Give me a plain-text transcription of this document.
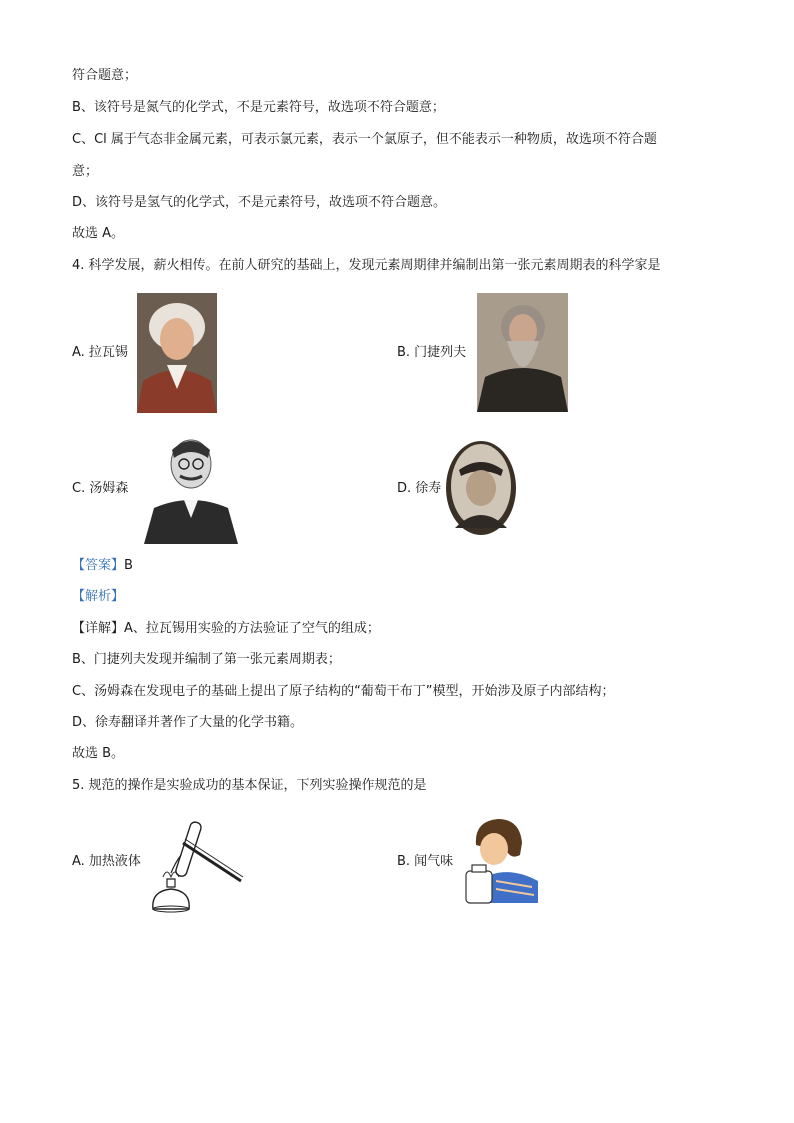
符合题意；
B、该符号是氮气的化学式，不是元素符号，故选项不符合题意；
C、Cl 属于气态非金属元素，可表示氯元素，表示一个氯原子，但不能表示一种物质，故选项不符合题
意；
D、该符号是氢气的化学式，不是元素符号，故选项不符合题意。
故选 A。
4. 科学发展，薪火相传。在前人研究的基础上，发现元素周期律并编制出第一张元素周期表的科学家是
A. 拉瓦锡	B. 门捷列夫
C. 汤姆森	D. 徐寿
【答案】B
【解析】
【详解】A、拉瓦锡用实验的方法验证了空气的组成；
B、门捷列夫发现并编制了第一张元素周期表；
C、汤姆森在发现电子的基础上提出了原子结构的“葡萄干布丁”模型，开始涉及原子内部结构；
D、徐寿翻译并著作了大量的化学书籍。
故选 B。
5. 规范的操作是实验成功的基本保证，下列实验操作规范的是
A. 加热液体	B. 闻气味
